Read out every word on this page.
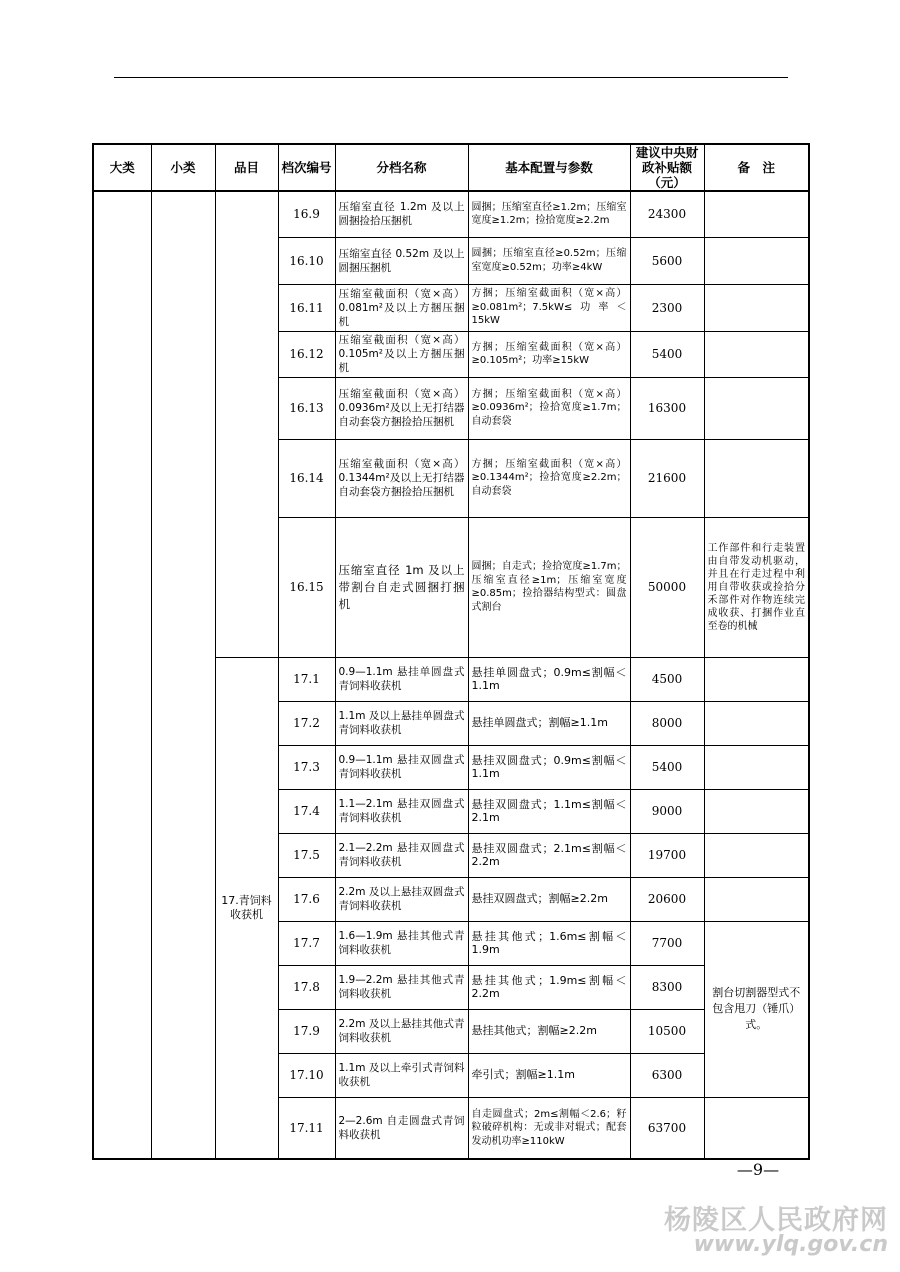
大类	小类	品目	档次编号	分档名称	基本配置与参数	建议中央财政补贴额（元）	备　注
			16.9	压缩室直径 1.2m 及以上圆捆捡拾压捆机	圆捆；压缩室直径≥1.2m；压缩室宽度≥1.2m；捡拾宽度≥2.2m	24300	
			16.10	压缩室直径 0.52m 及以上圆捆压捆机	圆捆；压缩室直径≥0.52m；压缩室宽度≥0.52m；功率≥4kW	5600	
			16.11	压缩室截面积（宽×高）0.081m²及以上方捆压捆机	方捆；压缩室截面积（宽×高）≥0.081m²；7.5kW≤功率＜15kW	2300	
			16.12	压缩室截面积（宽×高）0.105m²及以上方捆压捆机	方捆；压缩室截面积（宽×高）≥0.105m²；功率≥15kW	5400	
			16.13	压缩室截面积（宽×高）0.0936m²及以上无打结器自动套袋方捆捡拾压捆机	方捆；压缩室截面积（宽×高）≥0.0936m²；捡拾宽度≥1.7m；自动套袋	16300	
			16.14	压缩室截面积（宽×高）0.1344m²及以上无打结器自动套袋方捆捡拾压捆机	方捆；压缩室截面积（宽×高）≥0.1344m²；捡拾宽度≥2.2m；自动套袋	21600	
			16.15	压缩室直径 1m 及以上带割台自走式圆捆打捆机	圆捆；自走式；捡拾宽度≥1.7m；压缩室直径≥1m；压缩室宽度≥0.85m；捡拾器结构型式：圆盘式割台	50000	工作部件和行走装置由自带发动机驱动，并且在行走过程中利用自带收获或捡拾分禾部件对作物连续完成收获、打捆作业直至卷的机械
		17.青饲料收获机	17.1	0.9—1.1m 悬挂单圆盘式青饲料收获机	悬挂单圆盘式；0.9m≤割幅＜1.1m	4500	
			17.2	1.1m 及以上悬挂单圆盘式青饲料收获机	悬挂单圆盘式；割幅≥1.1m	8000	
			17.3	0.9—1.1m 悬挂双圆盘式青饲料收获机	悬挂双圆盘式；0.9m≤割幅＜1.1m	5400	
			17.4	1.1—2.1m 悬挂双圆盘式青饲料收获机	悬挂双圆盘式；1.1m≤割幅＜2.1m	9000	
			17.5	2.1—2.2m 悬挂双圆盘式青饲料收获机	悬挂双圆盘式；2.1m≤割幅＜2.2m	19700	
			17.6	2.2m 及以上悬挂双圆盘式青饲料收获机	悬挂双圆盘式；割幅≥2.2m	20600	
			17.7	1.6—1.9m 悬挂其他式青饲料收获机	悬挂其他式；1.6m≤割幅＜1.9m	7700	割台切割器型式不包含甩刀（锤爪）式。
			17.8	1.9—2.2m 悬挂其他式青饲料收获机	悬挂其他式；1.9m≤割幅＜2.2m	8300	
			17.9	2.2m 及以上悬挂其他式青饲料收获机	悬挂其他式；割幅≥2.2m	10500	
			17.10	1.1m 及以上牵引式青饲料收获机	牵引式；割幅≥1.1m	6300	
			17.11	2—2.6m 自走圆盘式青饲料收获机	自走圆盘式；2m≤割幅＜2.6；籽粒破碎机构：无或非对辊式；配套发动机功率≥110kW	63700	
—9—
杨陵区人民政府网
www.ylq.gov.cn
